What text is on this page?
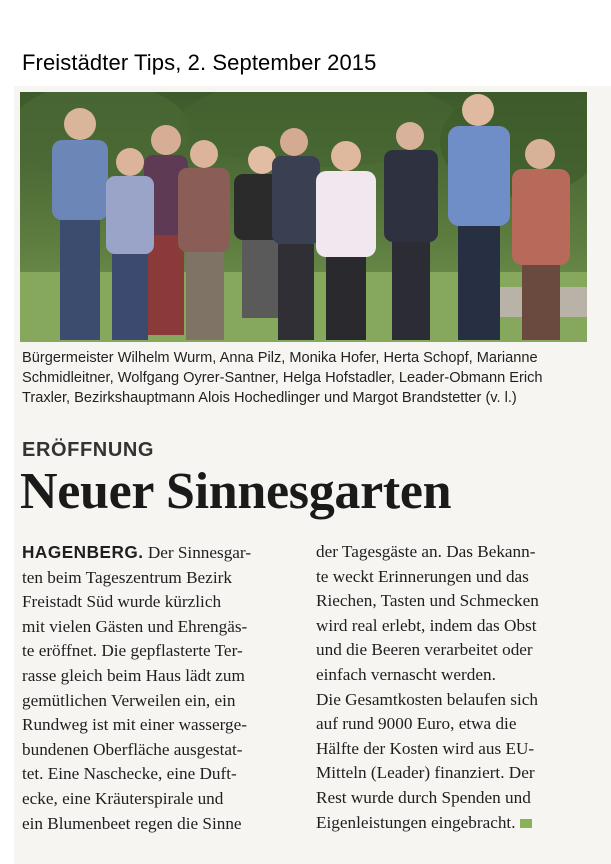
Freistädter Tips, 2. September 2015
Bürgermeister Wilhelm Wurm, Anna Pilz, Monika Hofer, Herta Schopf, Marianne
Schmidleitner, Wolfgang Oyrer-Santner, Helga Hofstadler, Leader-Obmann Erich
Traxler, Bezirkshauptmann Alois Hochedlinger und Margot Brandstetter (v. l.)
ERÖFFNUNG
Neuer Sinnesgarten
HAGENBERG. Der Sinnesgar-
ten beim Tageszentrum Bezirk
Freistadt Süd wurde kürzlich
mit vielen Gästen und Ehrengäs-
te eröffnet. Die gepflasterte Ter-
rasse gleich beim Haus lädt zum
gemütlichen Verweilen ein, ein
Rundweg ist mit einer wasserge-
bundenen Oberfläche ausgestat-
tet. Eine Naschecke, eine Duft-
ecke, eine Kräuterspirale und
ein Blumenbeet regen die Sinne
der Tagesgäste an. Das Bekann-
te weckt Erinnerungen und das
Riechen, Tasten und Schmecken
wird real erlebt, indem das Obst
und die Beeren verarbeitet oder
einfach vernascht werden.
Die Gesamtkosten belaufen sich
auf rund 9000 Euro, etwa die
Hälfte der Kosten wird aus EU-
Mitteln (Leader) finanziert. Der
Rest wurde durch Spenden und
Eigenleistungen eingebracht.
